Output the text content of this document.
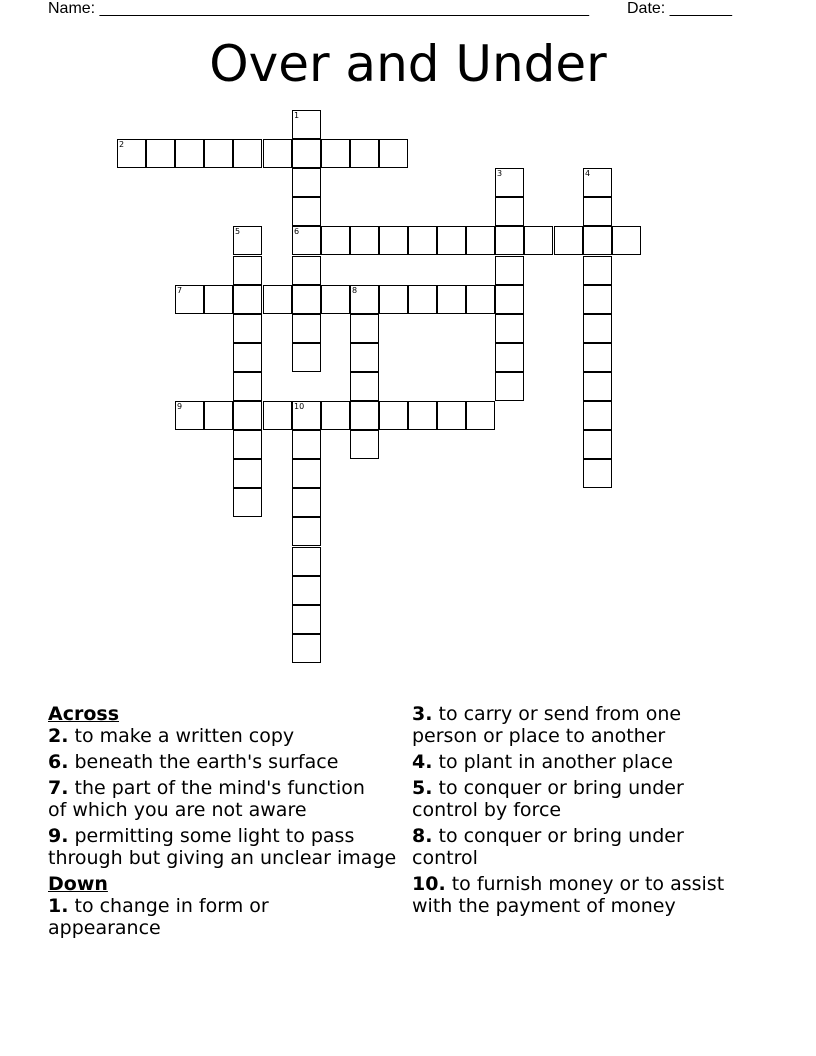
Name: _______________________________________________________ Date: _______
Over and Under
1
6
2
3	4
5
7	8
9	10
Across
2. to make a written copy
6. beneath the earth's surface
7. the part of the mind's function of which you are not aware
9. permitting some light to pass through but giving an unclear image
Down
1. to change in form or appearance
3. to carry or send from one person or place to another
4. to plant in another place
5. to conquer or bring under control by force
8. to conquer or bring under control
10. to furnish money or to assist with the payment of money
